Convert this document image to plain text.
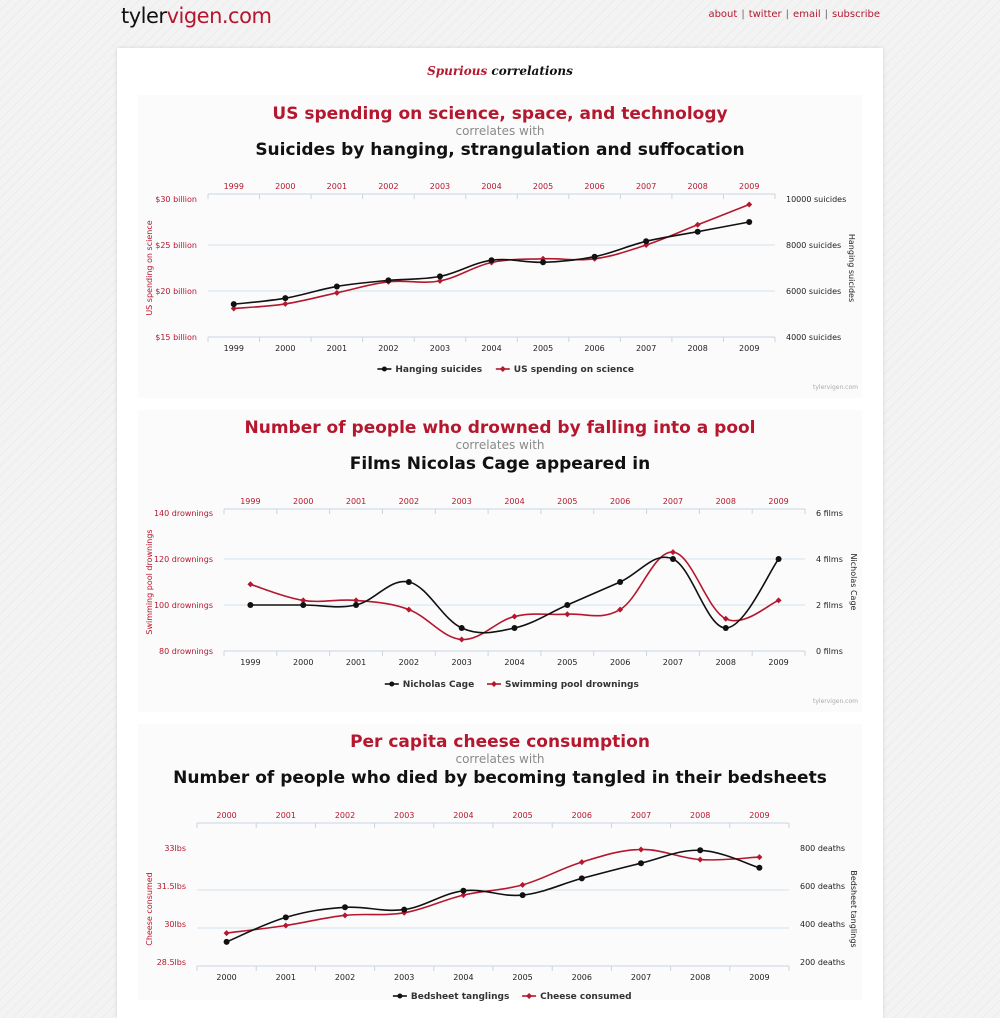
tylervigen.com	about | twitter | email | subscribe
Spurious correlations
US spending on science, space, and technology
correlates with
Suicides by hanging, strangulation and suffocation
Number of people who drowned by falling into a pool
correlates with
Films Nicolas Cage appeared in
Per capita cheese consumption
correlates with
Number of people who died by becoming tangled in their bedsheets
1999
1999
2000
2000
2001
2001
2002
2002
2003
2003
2004
2004
2005
2005
2006
2006
2007
2007
2008
2008
2009
2009
$30 billion
$25 billion
$20 billion
$15 billion
10000 suicides
8000 suicides
6000 suicides
4000 suicides
US spending on science	Hanging suicides
Hanging suicides	US spending on science
tylervigen.com
1999
1999
2000
2000
2001
2001
2002
2002
2003
2003
2004
2004
2005
2005
2006
2006
2007
2007
2008
2008
2009
2009
140 drownings
120 drownings
100 drownings
80 drownings
6 films
4 films
2 films
0 films
Swimming pool drownings	Nicholas Cage
Nicholas Cage	Swimming pool drownings
tylervigen.com
2000
2000
2001
2001
2002
2002
2003
2003
2004
2004
2005
2005
2006
2006
2007
2007
2008
2008
2009
2009
33lbs
31.5lbs
30lbs
28.5lbs
800 deaths
600 deaths
400 deaths
200 deaths
Cheese consumed	Bedsheet tanglings
Bedsheet tanglings	Cheese consumed
